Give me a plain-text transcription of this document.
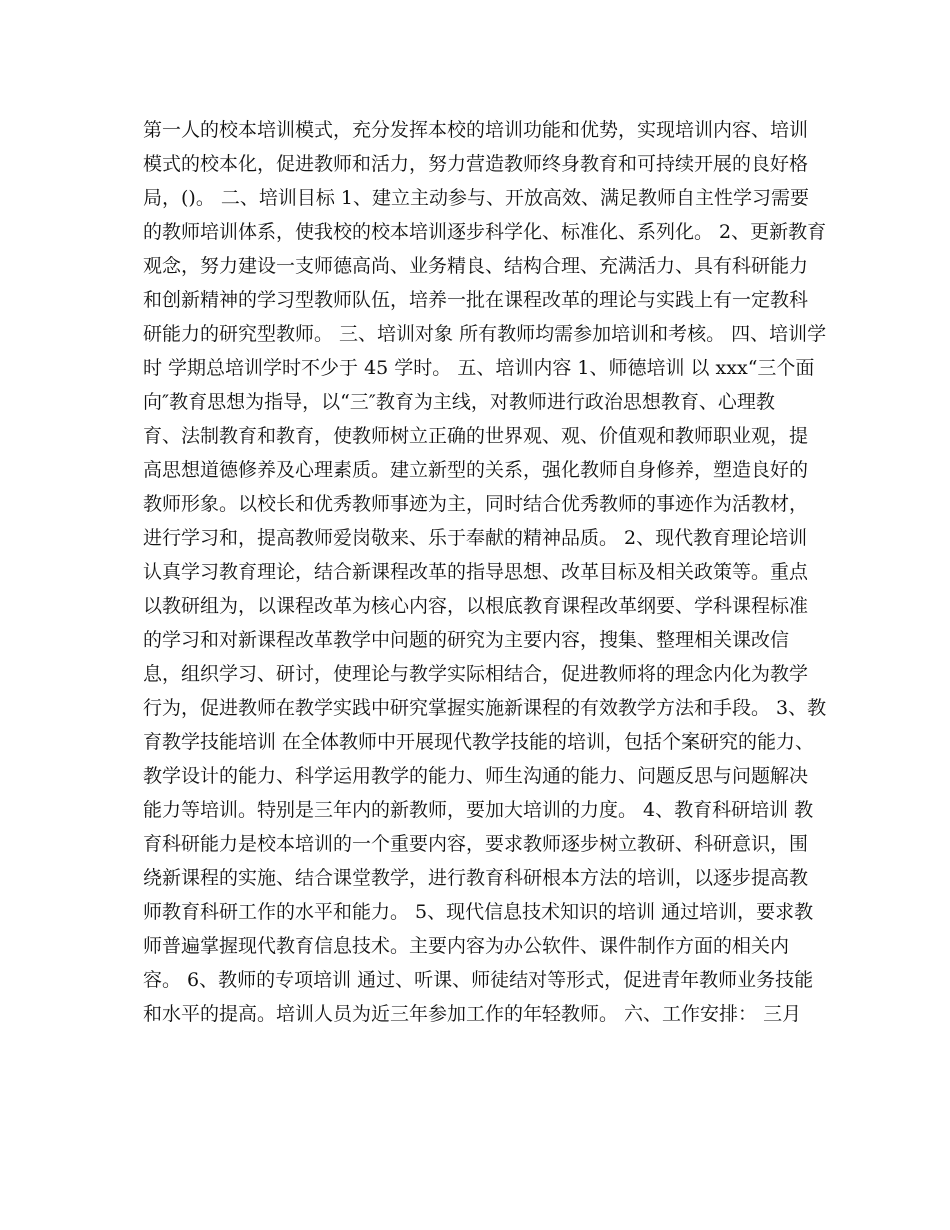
第一人的校本培训模式，充分发挥本校的培训功能和优势，实现培训内容、培训
模式的校本化，促进教师和活力，努力营造教师终身教育和可持续开展的良好格
局，()。 二、培训目标 1、建立主动参与、开放高效、满足教师自主性学习需要
的教师培训体系，使我校的校本培训逐步科学化、标准化、系列化。 2、更新教育
观念，努力建设一支师德高尚、业务精良、结构合理、充满活力、具有科研能力
和创新精神的学习型教师队伍，培养一批在课程改革的理论与实践上有一定教科
研能力的研究型教师。 三、培训对象 所有教师均需参加培训和考核。 四、培训学
时 学期总培训学时不少于 45 学时。 五、培训内容 1、师德培训 以 xxx“三个面
向″教育思想为指导，以“三″教育为主线，对教师进行政治思想教育、心理教
育、法制教育和教育，使教师树立正确的世界观、观、价值观和教师职业观，提
高思想道德修养及心理素质。建立新型的关系，强化教师自身修养，塑造良好的
教师形象。以校长和优秀教师事迹为主，同时结合优秀教师的事迹作为活教材，
进行学习和，提高教师爱岗敬来、乐于奉献的精神品质。 2、现代教育理论培训
认真学习教育理论，结合新课程改革的指导思想、改革目标及相关政策等。重点
以教研组为，以课程改革为核心内容，以根底教育课程改革纲要、学科课程标准
的学习和对新课程改革教学中问题的研究为主要内容，搜集、整理相关课改信
息，组织学习、研讨，使理论与教学实际相结合，促进教师将的理念内化为教学
行为，促进教师在教学实践中研究掌握实施新课程的有效教学方法和手段。 3、教
育教学技能培训 在全体教师中开展现代教学技能的培训，包括个案研究的能力、
教学设计的能力、科学运用教学的能力、师生沟通的能力、问题反思与问题解决
能力等培训。特别是三年内的新教师，要加大培训的力度。 4、教育科研培训 教
育科研能力是校本培训的一个重要内容，要求教师逐步树立教研、科研意识，围
绕新课程的实施、结合课堂教学，进行教育科研根本方法的培训，以逐步提高教
师教育科研工作的水平和能力。 5、现代信息技术知识的培训 通过培训，要求教
师普遍掌握现代教育信息技术。主要内容为办公软件、课件制作方面的相关内
容。 6、教师的专项培训 通过、听课、师徒结对等形式，促进青年教师业务技能
和水平的提高。培训人员为近三年参加工作的年轻教师。 六、工作安排： 三月
